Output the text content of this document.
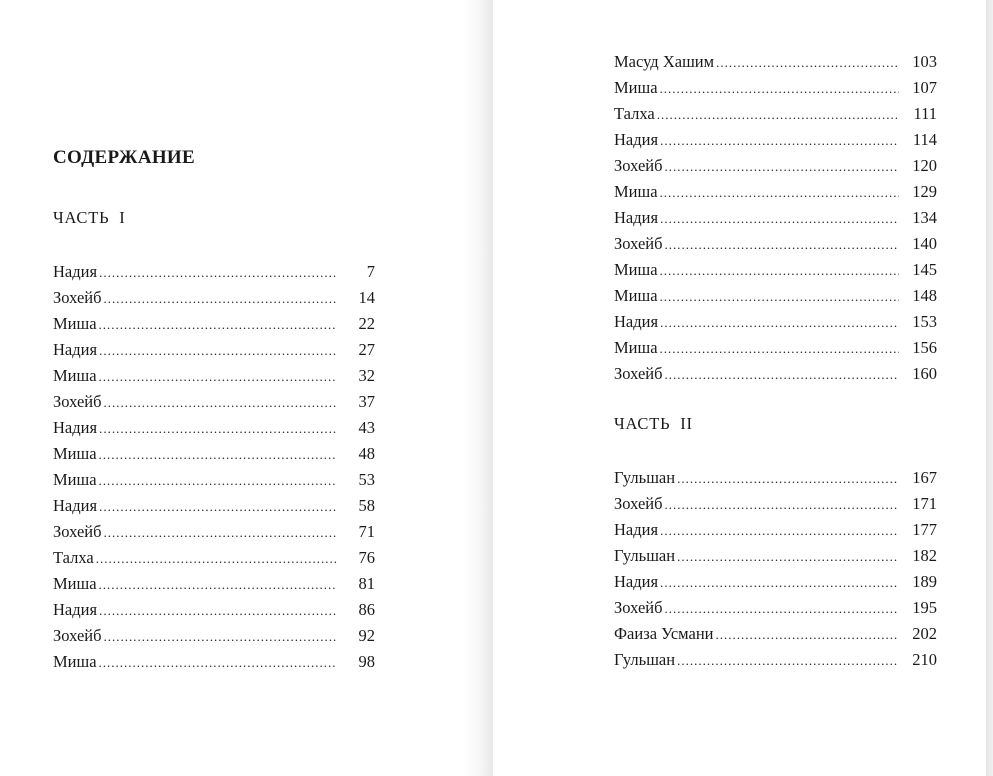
СОДЕРЖАНИЕ
ЧАСТЬ  I
Надия .....	7
Зохейб .....	14
Миша .....	22
Надия .....	27
Миша .....	32
Зохейб .....	37
Надия .....	43
Миша .....	48
Миша .....	53
Надия .....	58
Зохейб .....	71
Талха .....	76
Миша .....	81
Надия .....	86
Зохейб .....	92
Миша .....	98
Масуд Хашим .....	103
Миша .....	107
Талха .....	111
Надия .....	114
Зохейб .....	120
Миша .....	129
Надия .....	134
Зохейб .....	140
Миша .....	145
Миша .....	148
Надия .....	153
Миша .....	156
Зохейб .....	160
ЧАСТЬ  II
Гульшан .....	167
Зохейб .....	171
Надия .....	177
Гульшан .....	182
Надия .....	189
Зохейб .....	195
Фаиза Усмани .....	202
Гульшан .....	210
